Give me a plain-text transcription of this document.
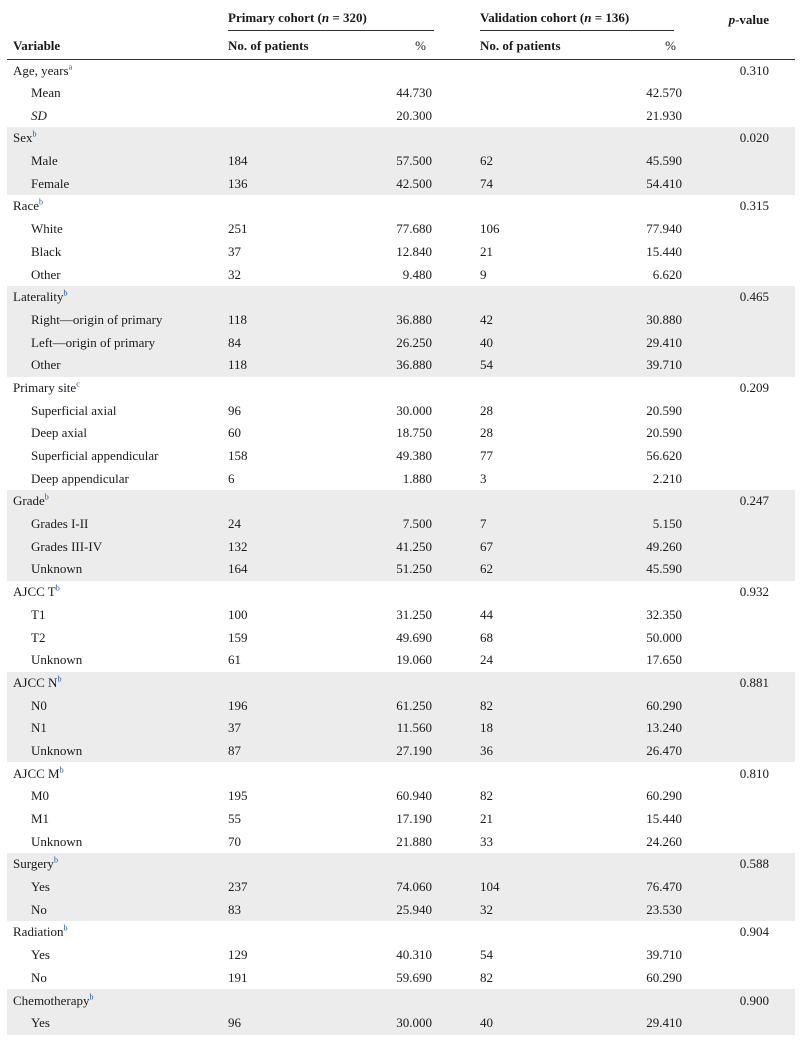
	Primary cohort (n = 320)			Validation cohort (n = 136)		p-value
Variable	No. of patients	%		No. of patients	%	
Age, years$^a$						0.310
Mean		44.730			42.570	
SD		20.300			21.930	
Sex$^b$						0.020
Male	184	57.500		62	45.590	
Female	136	42.500		74	54.410	
Race$^b$						0.315
White	251	77.680		106	77.940	
Black	37	12.840		21	15.440	
Other	32	9.480		9	6.620	
Laterality$^b$						0.465
Right—origin of primary	118	36.880		42	30.880	
Left—origin of primary	84	26.250		40	29.410	
Other	118	36.880		54	39.710	
Primary site$^c$						0.209
Superficial axial	96	30.000		28	20.590	
Deep axial	60	18.750		28	20.590	
Superficial appendicular	158	49.380		77	56.620	
Deep appendicular	6	1.880		3	2.210	
Grade$^b$						0.247
Grades I-II	24	7.500		7	5.150	
Grades III-IV	132	41.250		67	49.260	
Unknown	164	51.250		62	45.590	
AJCC $T^b$						0.932
T1	100	31.250		44	32.350	
T2	159	49.690		68	50.000	
Unknown	61	19.060		24	17.650	
AJCC $N^b$						0.881
N0	196	61.250		82	60.290	
N1	37	11.560		18	13.240	
Unknown	87	27.190		36	26.470	
AJCC $M^b$						0.810
M0	195	60.940		82	60.290	
M1	55	17.190		21	15.440	
Unknown	70	21.880		33	24.260	
Surgery$^b$						0.588
Yes	237	74.060		104	76.470	
No	83	25.940		32	23.530	
Radiation$^b$						0.904
Yes	129	40.310		54	39.710	
No	191	59.690		82	60.290	
Chemotherapy$^b$						0.900
Yes	96	30.000		40	29.410	
